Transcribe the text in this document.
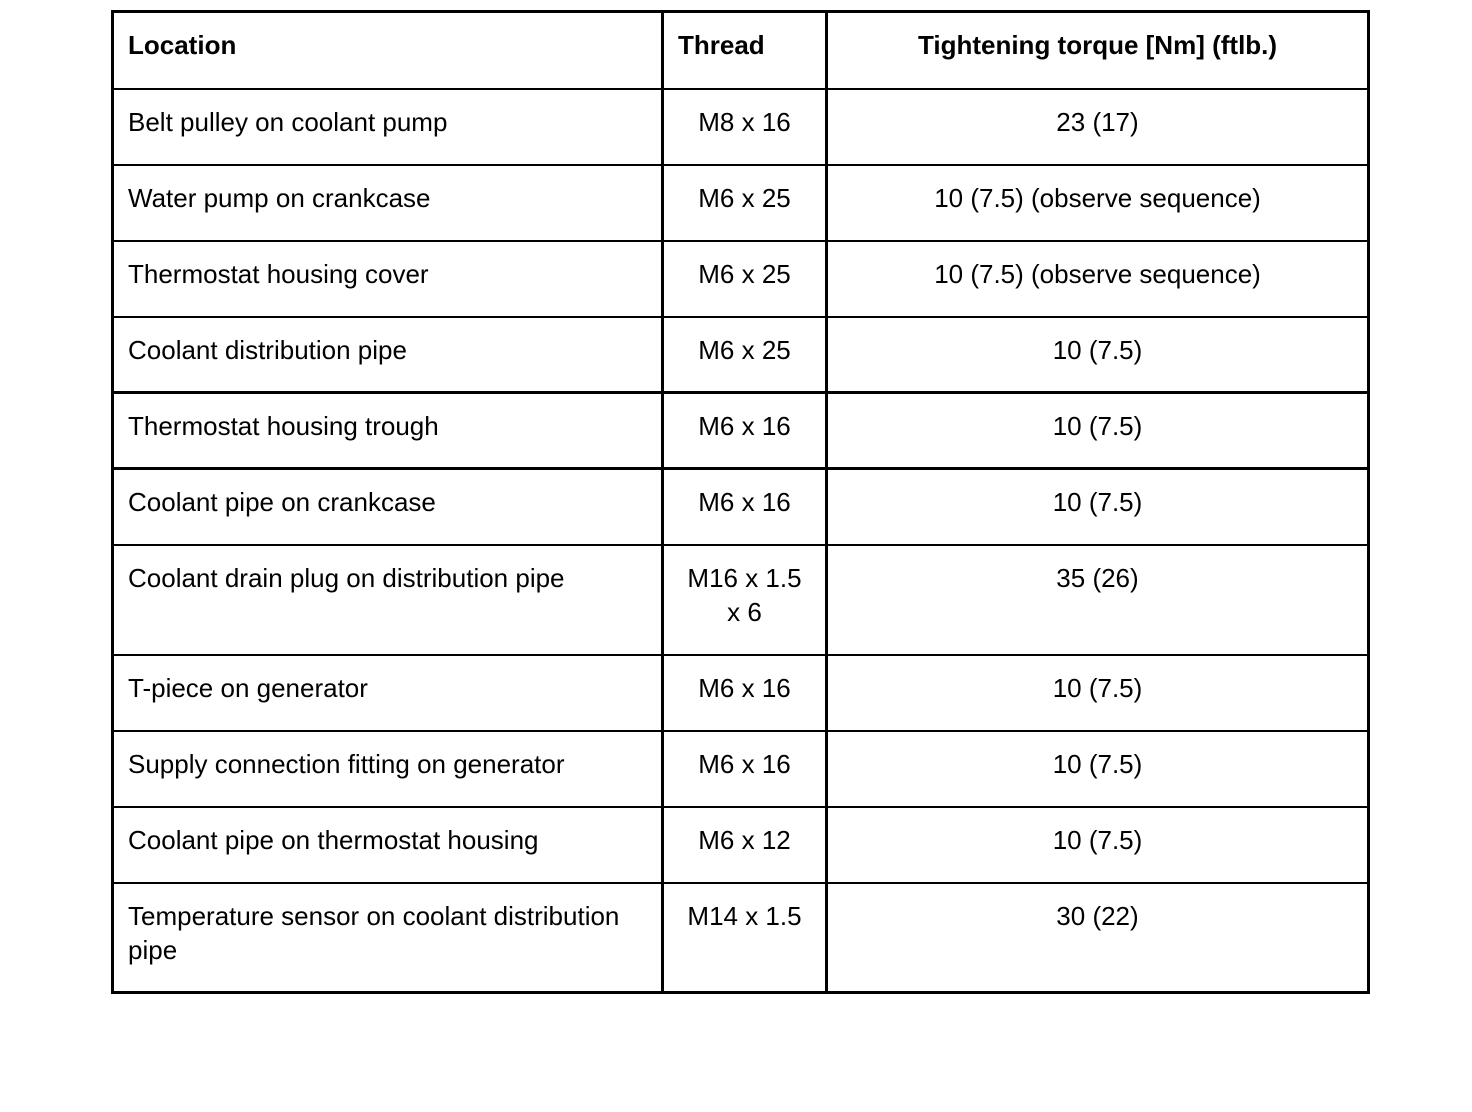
Location	Thread	Tightening torque [Nm] (ftlb.)
Belt pulley on coolant pump	M8 x 16	23 (17)
Water pump on crankcase	M6 x 25	10 (7.5) (observe sequence)
Thermostat housing cover	M6 x 25	10 (7.5) (observe sequence)
Coolant distribution pipe	M6 x 25	10 (7.5)
Thermostat housing trough	M6 x 16	10 (7.5)
Coolant pipe on crankcase	M6 x 16	10 (7.5)
Coolant drain plug on distribution pipe	M16 x 1.5 x 6	35 (26)
T-piece on generator	M6 x 16	10 (7.5)
Supply connection fitting on generator	M6 x 16	10 (7.5)
Coolant pipe on thermostat housing	M6 x 12	10 (7.5)
Temperature sensor on coolant distribution pipe	M14 x 1.5	30 (22)
